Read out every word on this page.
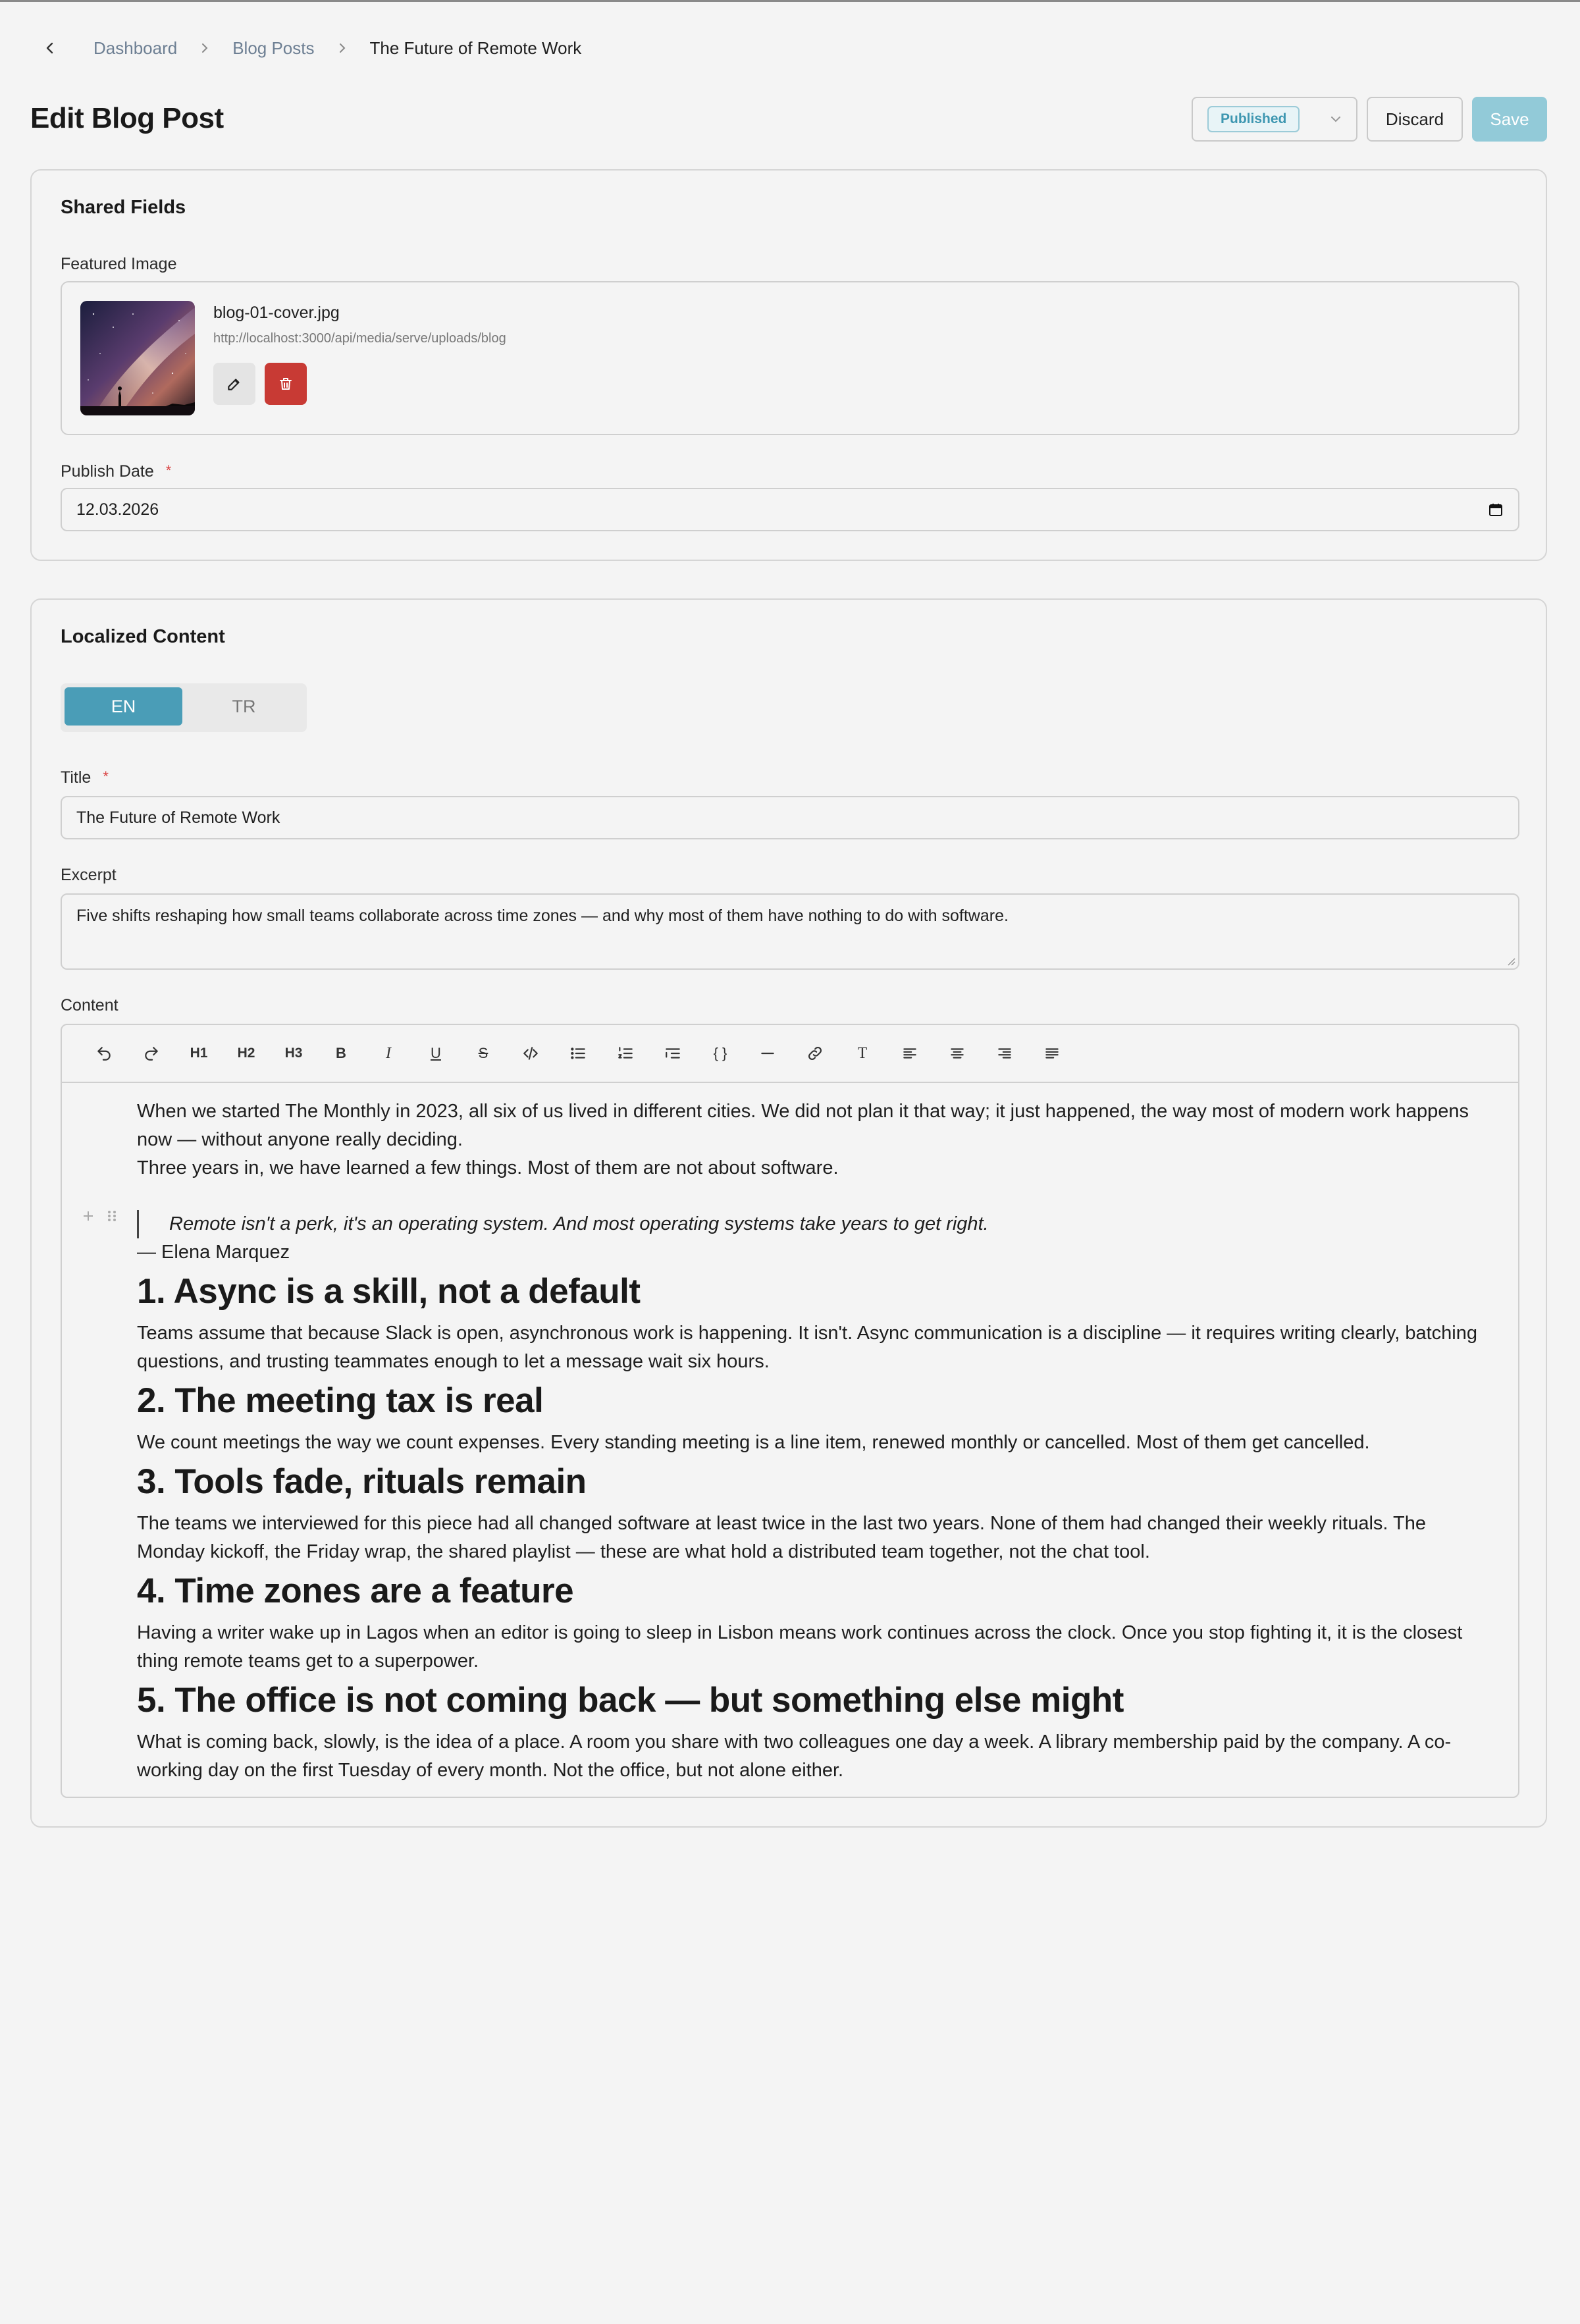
Dashboard	Blog Posts	The Future of Remote Work
Edit Blog Post	Published	Discard	Save
Shared Fields
Featured Image
blog-01-cover.jpg
http://localhost:3000/api/media/serve/uploads/blog
Publish Date *
12.03.2026
Localized Content
EN	TR
Title *
The Future of Remote Work
Excerpt
Five shifts reshaping how small teams collaborate across time zones — and why most of them have nothing to do with software.
Content
H1 H2 H3 B	I	U	S	{ }	T

When we started The Monthly in 2023, all six of us lived in different cities. We did not plan it that way; it just happened, the way most of modern work happens now — without anyone really deciding.

Three years in, we have learned a few things. Most of them are not about software.

Remote isn't a perk, it's an operating system. And most operating systems take years to get right.

— Elena Marquez

1. Async is a skill, not a default

Teams assume that because Slack is open, asynchronous work is happening. It isn't. Async communication is a discipline — it requires writing clearly, batching questions, and trusting teammates enough to let a message wait six hours.

2. The meeting tax is real

We count meetings the way we count expenses. Every standing meeting is a line item, renewed monthly or cancelled. Most of them get cancelled.

3. Tools fade, rituals remain

The teams we interviewed for this piece had all changed software at least twice in the last two years. None of them had changed their weekly rituals. The Monday kickoff, the Friday wrap, the shared playlist — these are what hold a distributed team together, not the chat tool.

4. Time zones are a feature

Having a writer wake up in Lagos when an editor is going to sleep in Lisbon means work continues across the clock. Once you stop fighting it, it is the closest thing remote teams get to a superpower.

5. The office is not coming back — but something else might

What is coming back, slowly, is the idea of a place. A room you share with two colleagues one day a week. A library membership paid by the company. A co-working day on the first Tuesday of every month. Not the office, but not alone either.
